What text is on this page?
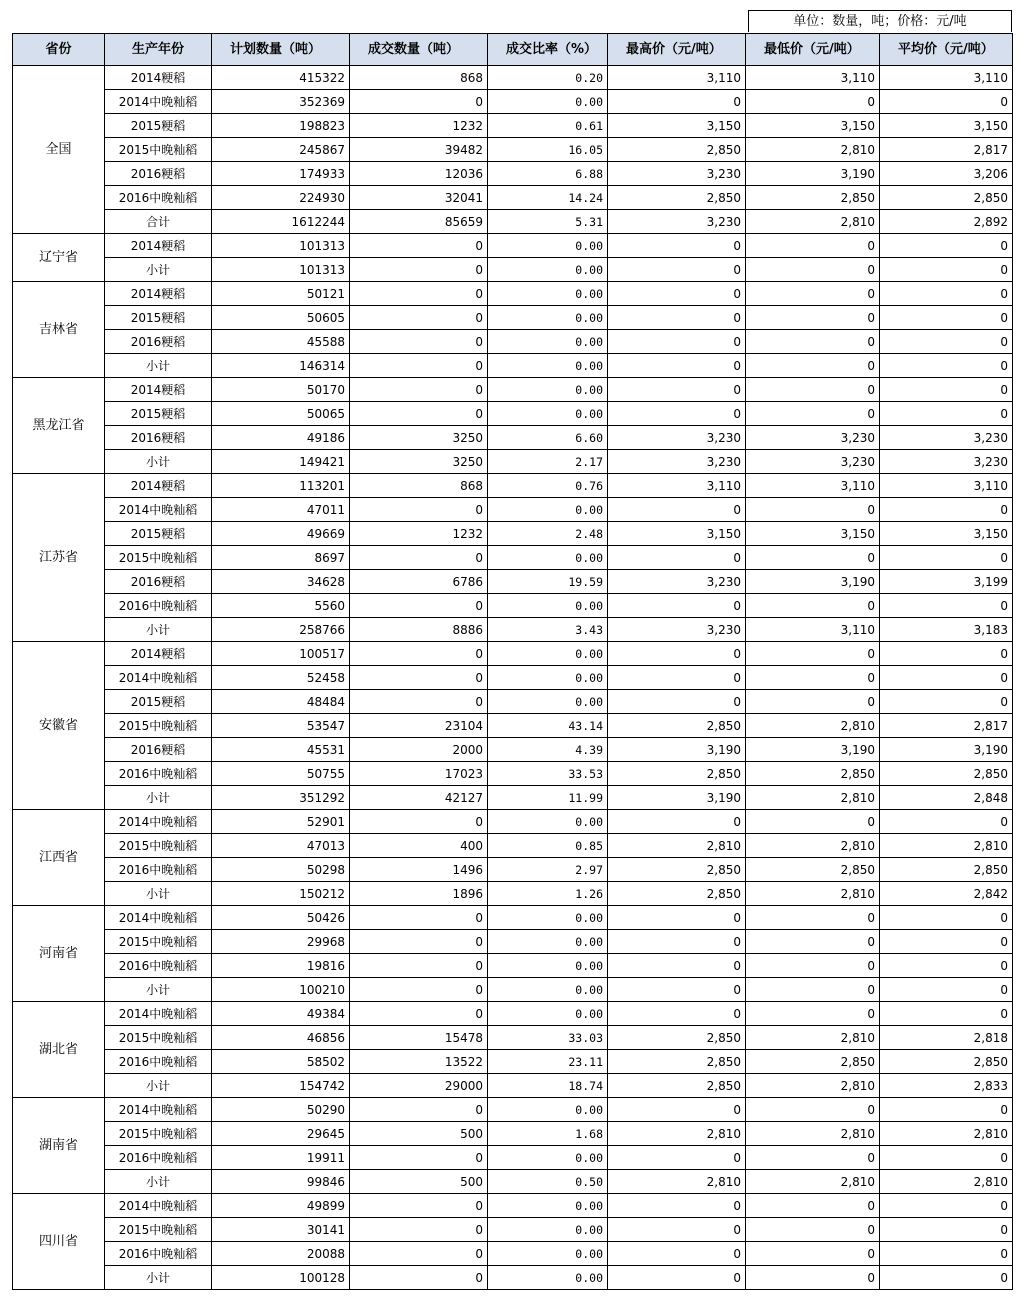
单位：数量，吨；价格：元/吨
省份	生产年份	计划数量（吨）	成交数量（吨）	成交比率（%）	最高价（元/吨）	最低价（元/吨）	平均价（元/吨）
全国	2014粳稻	415322	868	0.20	3,110	3,110	3,110
	2014中晚籼稻	352369	0	0.00	0	0	0
	2015粳稻	198823	1232	0.61	3,150	3,150	3,150
	2015中晚籼稻	245867	39482	16.05	2,850	2,810	2,817
	2016粳稻	174933	12036	6.88	3,230	3,190	3,206
	2016中晚籼稻	224930	32041	14.24	2,850	2,850	2,850
	合计	1612244	85659	5.31	3,230	2,810	2,892
辽宁省	2014粳稻	101313	0	0.00	0	0	0
	小计	101313	0	0.00	0	0	0
吉林省	2014粳稻	50121	0	0.00	0	0	0
	2015粳稻	50605	0	0.00	0	0	0
	2016粳稻	45588	0	0.00	0	0	0
	小计	146314	0	0.00	0	0	0
黑龙江省	2014粳稻	50170	0	0.00	0	0	0
	2015粳稻	50065	0	0.00	0	0	0
	2016粳稻	49186	3250	6.60	3,230	3,230	3,230
	小计	149421	3250	2.17	3,230	3,230	3,230
江苏省	2014粳稻	113201	868	0.76	3,110	3,110	3,110
	2014中晚籼稻	47011	0	0.00	0	0	0
	2015粳稻	49669	1232	2.48	3,150	3,150	3,150
	2015中晚籼稻	8697	0	0.00	0	0	0
	2016粳稻	34628	6786	19.59	3,230	3,190	3,199
	2016中晚籼稻	5560	0	0.00	0	0	0
	小计	258766	8886	3.43	3,230	3,110	3,183
安徽省	2014粳稻	100517	0	0.00	0	0	0
	2014中晚籼稻	52458	0	0.00	0	0	0
	2015粳稻	48484	0	0.00	0	0	0
	2015中晚籼稻	53547	23104	43.14	2,850	2,810	2,817
	2016粳稻	45531	2000	4.39	3,190	3,190	3,190
	2016中晚籼稻	50755	17023	33.53	2,850	2,850	2,850
	小计	351292	42127	11.99	3,190	2,810	2,848
江西省	2014中晚籼稻	52901	0	0.00	0	0	0
	2015中晚籼稻	47013	400	0.85	2,810	2,810	2,810
	2016中晚籼稻	50298	1496	2.97	2,850	2,850	2,850
	小计	150212	1896	1.26	2,850	2,810	2,842
河南省	2014中晚籼稻	50426	0	0.00	0	0	0
	2015中晚籼稻	29968	0	0.00	0	0	0
	2016中晚籼稻	19816	0	0.00	0	0	0
	小计	100210	0	0.00	0	0	0
湖北省	2014中晚籼稻	49384	0	0.00	0	0	0
	2015中晚籼稻	46856	15478	33.03	2,850	2,810	2,818
	2016中晚籼稻	58502	13522	23.11	2,850	2,850	2,850
	小计	154742	29000	18.74	2,850	2,810	2,833
湖南省	2014中晚籼稻	50290	0	0.00	0	0	0
	2015中晚籼稻	29645	500	1.68	2,810	2,810	2,810
	2016中晚籼稻	19911	0	0.00	0	0	0
	小计	99846	500	0.50	2,810	2,810	2,810
四川省	2014中晚籼稻	49899	0	0.00	0	0	0
	2015中晚籼稻	30141	0	0.00	0	0	0
	2016中晚籼稻	20088	0	0.00	0	0	0
	小计	100128	0	0.00	0	0	0
